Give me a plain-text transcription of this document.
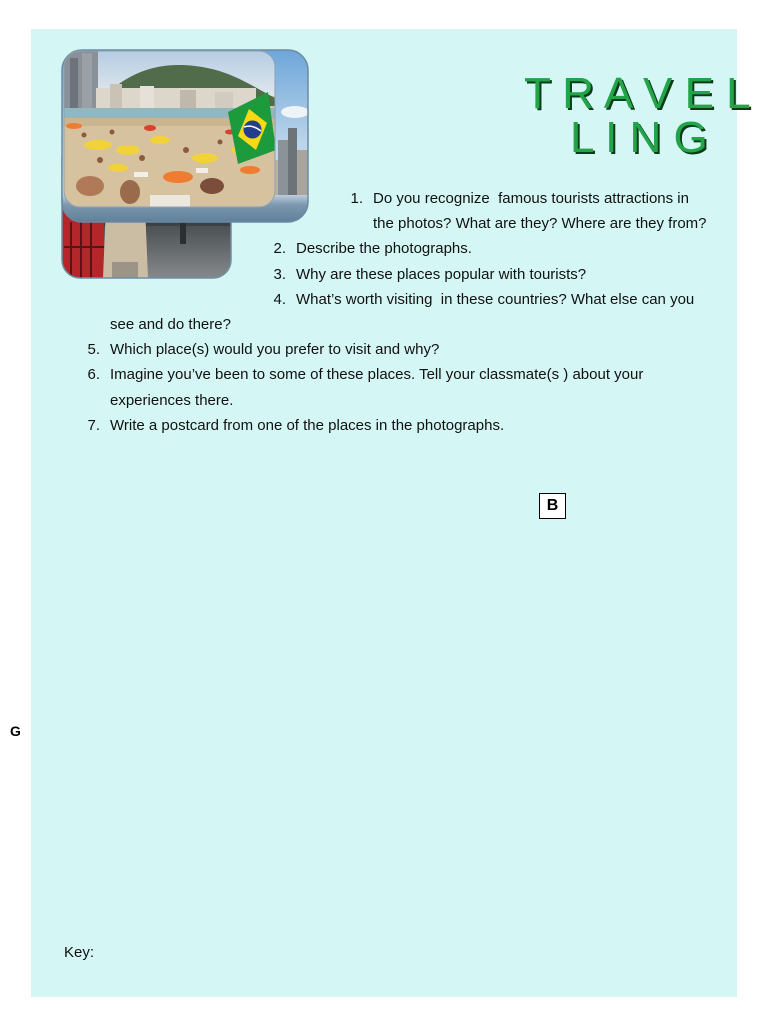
T R A V E L
L I N G
1. Do you recognize  famous tourists attractions in
the photos? What are they? Where are they from?
2. Describe the photographs.
3. Why are these places popular with tourists?
4. What’s worth visiting  in these countries? What else can you
see and do there?
5. Which place(s) would you prefer to visit and why?
6. Imagine you’ve been to some of these places. Tell your classmate(s ) about your
experiences there.
7. Write a postcard from one of the places in the photographs.
B
G
Key:
